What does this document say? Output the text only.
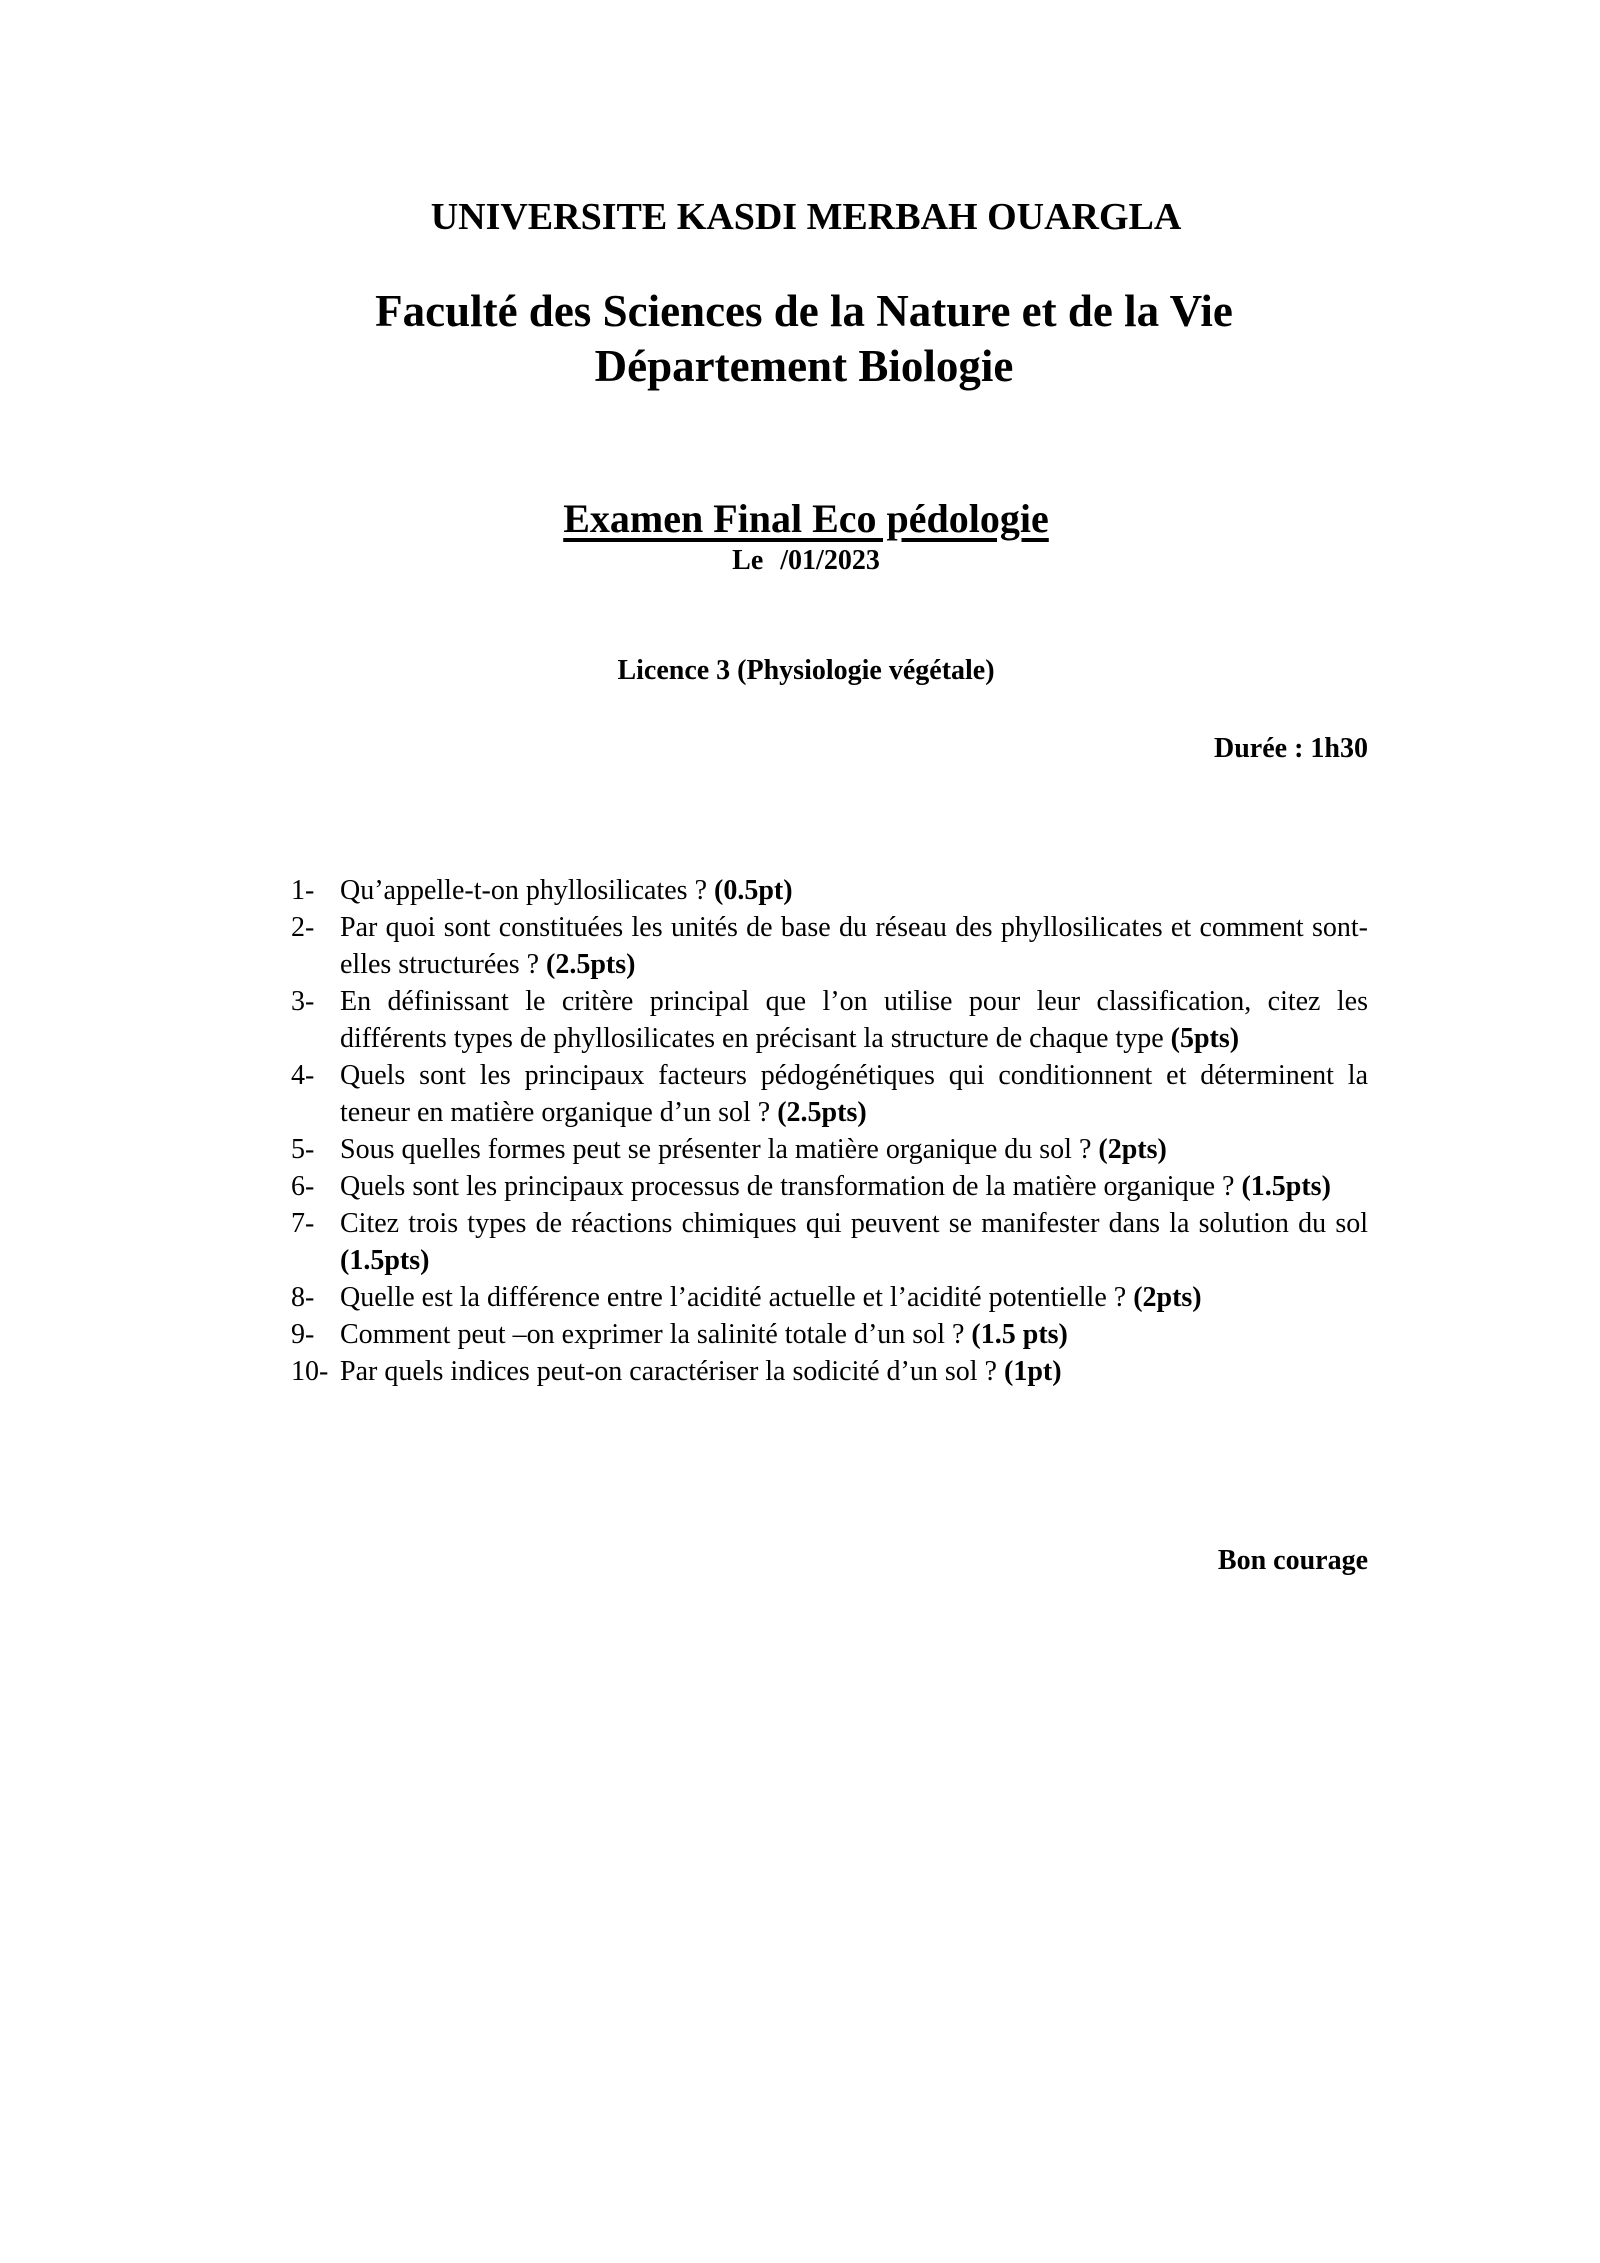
UNIVERSITE KASDI MERBAH OUARGLA
Faculté des Sciences de la Nature et de la Vie
Département Biologie
Examen Final Eco pédologie
Le /01/2023
Licence 3 (Physiologie végétale)
Durée : 1h30
1- Qu’appelle-t-on phyllosilicates ? (0.5pt)
2- Par quoi sont constituées les unités de base du réseau des phyllosilicates et comment sont-elles structurées ? (2.5pts)
3- En définissant le critère principal que l’on utilise pour leur classification, citez les différents types de phyllosilicates en précisant la structure de chaque type (5pts)
4- Quels sont les principaux facteurs pédogénétiques qui conditionnent et déterminent la teneur en matière organique d’un sol ? (2.5pts)
5- Sous quelles formes peut se présenter la matière organique du sol ? (2pts)
6- Quels sont les principaux processus de transformation de la matière organique ? (1.5pts)
7- Citez trois types de réactions chimiques qui peuvent se manifester dans la solution du sol (1.5pts)
8- Quelle est la différence entre l’acidité actuelle et l’acidité potentielle ? (2pts)
9- Comment peut –on exprimer la salinité totale d’un sol ? (1.5 pts)
10- Par quels indices peut-on caractériser la sodicité d’un sol ? (1pt)
Bon courage
